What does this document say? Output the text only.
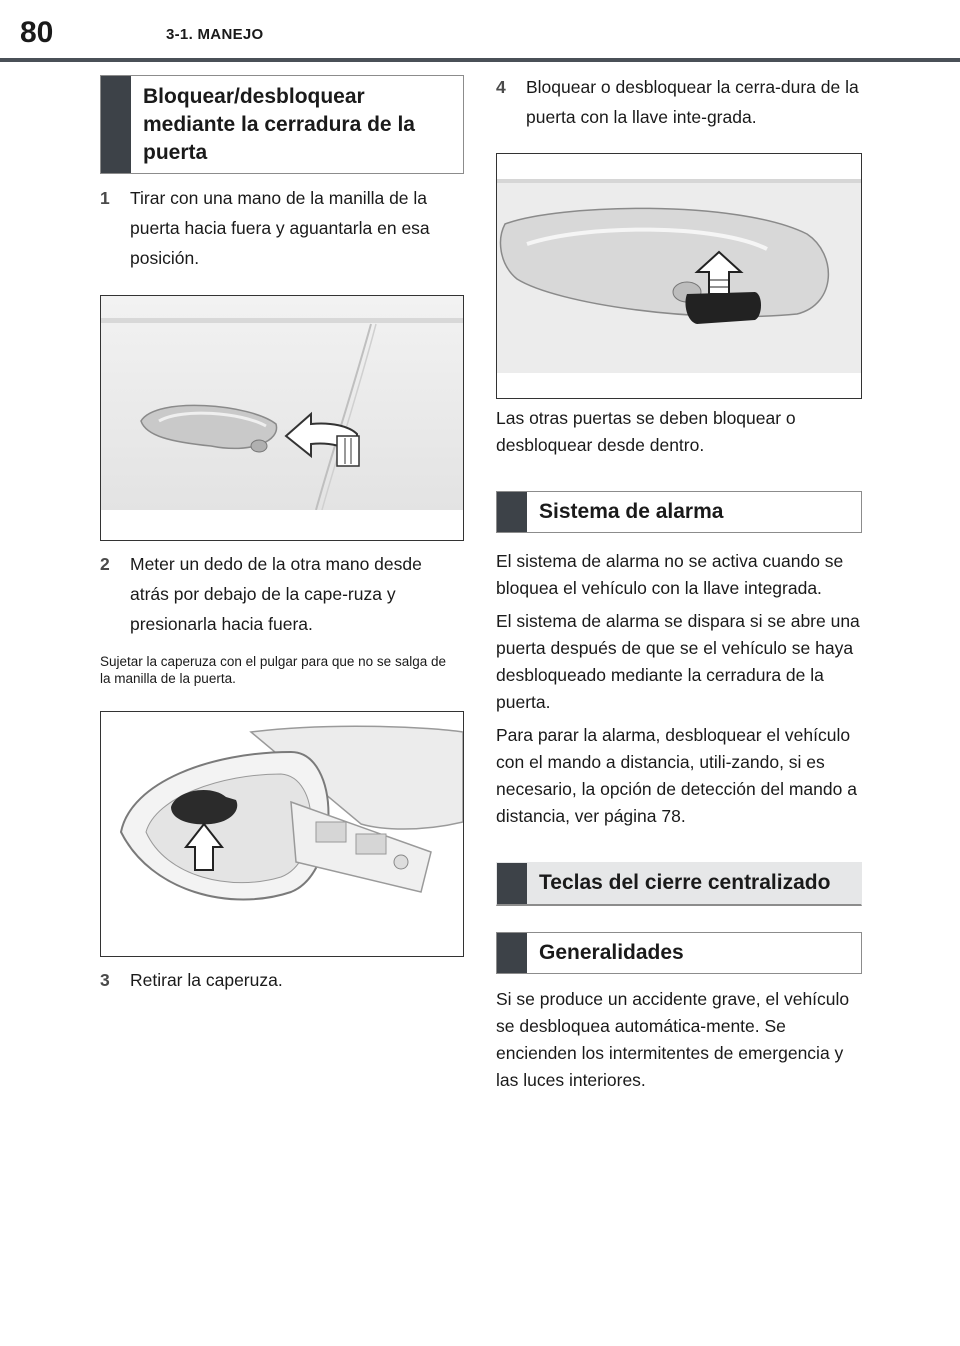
80	3-1. MANEJO
Bloquear/desbloquear mediante la cerradura de la puerta
1	Tirar con una mano de la manilla de la puerta hacia fuera y aguantarla en esa posición.
2	Meter un dedo de la otra mano desde atrás por debajo de la cape-ruza y presionarla hacia fuera.
Sujetar la caperuza con el pulgar para que no se salga de la manilla de la puerta.
3	Retirar la caperuza.
4	Bloquear o desbloquear la cerra-dura de la puerta con la llave inte-grada.
Las otras puertas se deben bloquear o desbloquear desde dentro.
Sistema de alarma
El sistema de alarma no se activa cuando se bloquea el vehículo con la llave integrada.
El sistema de alarma se dispara si se abre una puerta después de que se el vehículo se haya desbloqueado mediante la cerradura de la puerta.
Para parar la alarma, desbloquear el vehículo con el mando a distancia, utili-zando, si es necesario, la opción de detección del mando a distancia, ver página 78.
Teclas del cierre centralizado
Generalidades
Si se produce un accidente grave, el vehículo se desbloquea automática-mente. Se encienden los intermitentes de emergencia y las luces interiores.
